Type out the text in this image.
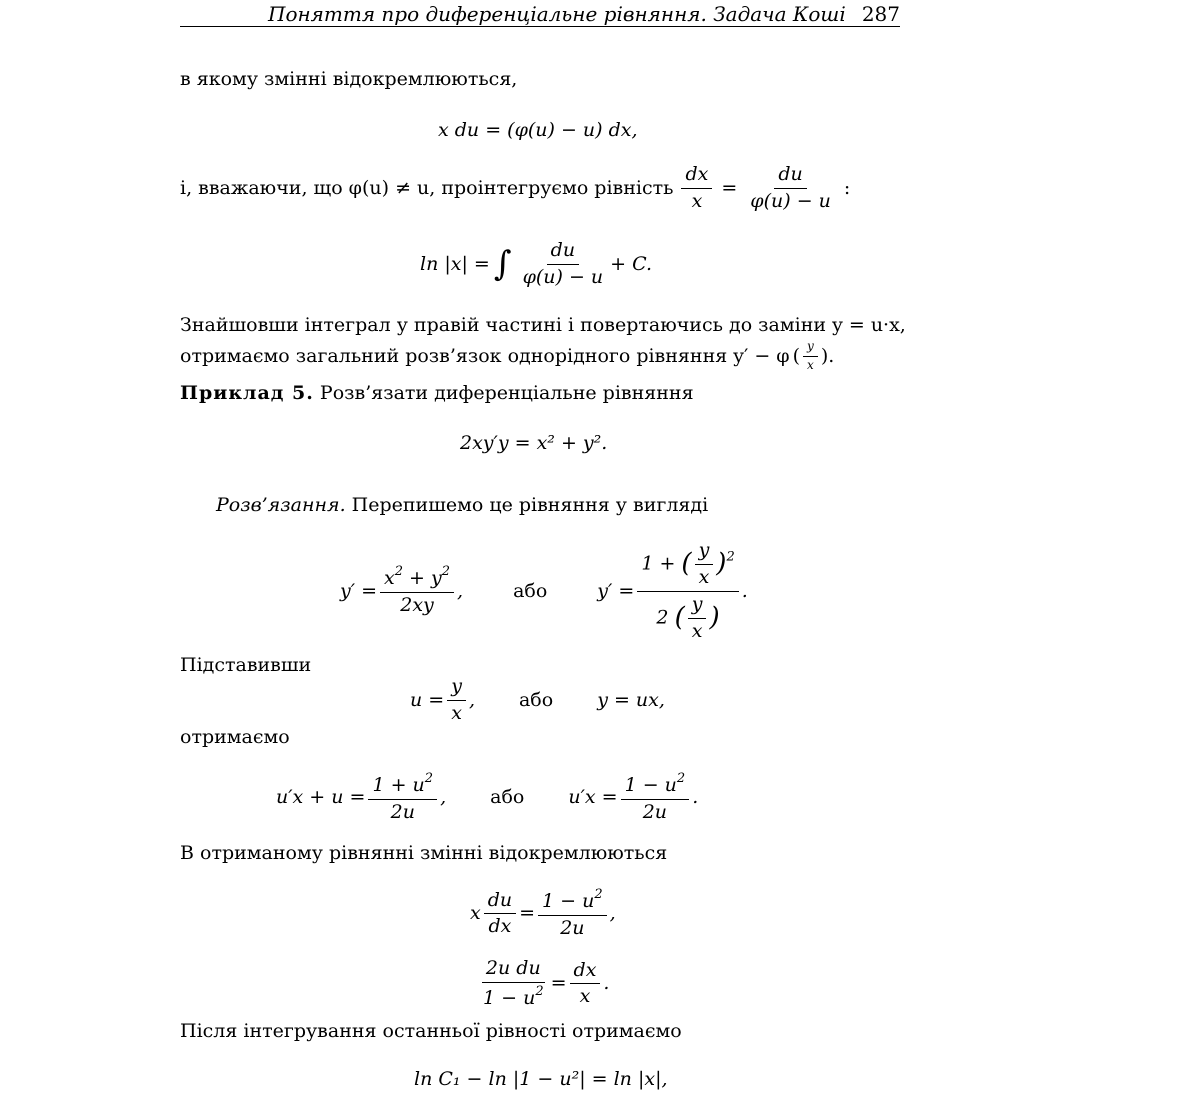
Поняття про диференціальне рівняння. Задача Коші 287
в якому змінні відокремлюються,
x du = (φ(u) − u) dx,
і, вважаючи, що φ(u) ≠ u, проінтегруємо рівність $\frac{dx}{x} = \frac{du}{\varphi(u) - u}$ :
ln |x| = ∫ du
φ(u) − u
+ C.
Знайшовши інтеграл у правій частині і повертаючись до заміни y = u·x,
отримаємо загальний розв’язок однорідного рівняння y′ − φ ( y
x ).
Приклад 5. Розв’язати диференціальне рівняння
2xy′y = x² + y².
Розв’язання. Перепишемо це рівняння у вигляді
$y' = \frac{x^2 + y^2}{2xy}$ ,	або	$y' = \frac{1 + ( \frac{y}{x} )^2}{2 ( \frac{y}{x} )}$ .
Підставивши
$u = \frac{y}{x}$ , або y = ux,
отримаємо
$u'x + u = \frac{1 + u^2}{2u}$ , або $u'x = \frac{1 - u^2}{2u}$ .
В отриманому рівнянні змінні відокремлюються
x $\frac{du}{dx} = \frac{1 - u^2}{2u}$ ,
$\frac{\text{2u du}}{1 - u^2} = \frac{dx}{x}$ .
Після інтегрування останньої рівності отримаємо
ln C₁ − ln |1 − u²| = ln |x|,
